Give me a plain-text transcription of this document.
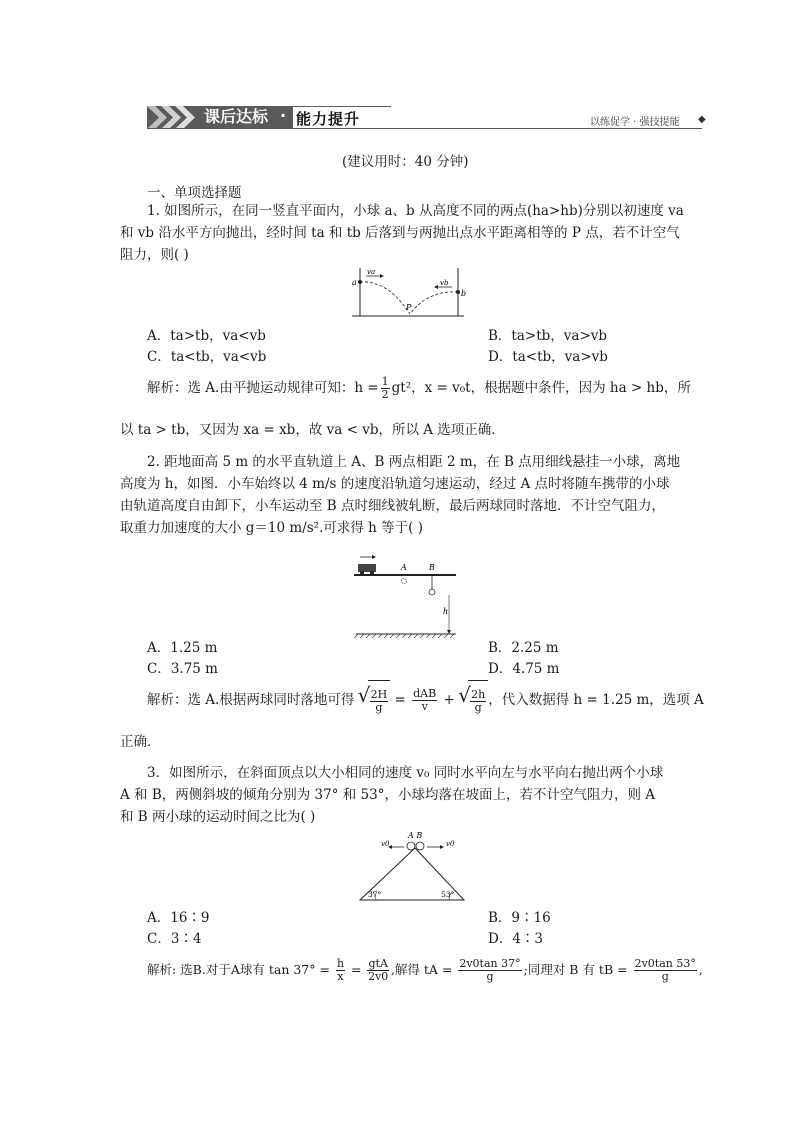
课后达标 · 能力提升	以练促学 · 强技提能 ◆
(建议用时：40 分钟)
一、单项选择题
1. 如图所示，在同一竖直平面内，小球 a、b 从高度不同的两点(ha>hb)分别以初速度 va
和 vb 沿水平方向抛出，经时间 ta 和 tb 后落到与两抛出点水平距离相等的 P 点，若不计空气
阻力，则( )
a
b
va
vb
P
A．ta>tb，va<vb	B．ta>tb，va>vb
C．ta<tb，va<vb	D．ta<tb，va>vb
解析：选 A.由平抛运动规律可知：$h = \frac{1}{2} gt^2$，x = v₀t，根据题中条件，因为 ha > hb，所
以 ta > tb，又因为 xa = xb，故 va < vb，所以 A 选项正确．
2. 距地面高 5 m 的水平直轨道上 A、B 两点相距 2 m，在 B 点用细线悬挂一小球，离地
高度为 h，如图．小车始终以 4 m/s 的速度沿轨道匀速运动，经过 A 点时将随车携带的小球
由轨道高度自由卸下，小车运动至 B 点时细线被轧断，最后两球同时落地．不计空气阻力，
取重力加速度的大小 g＝10 m/s².可求得 h 等于( )
A	B
h
A．1.25 m	B．2.25 m
C．3.75 m	D．4.75 m
解析：选 A.根据两球同时落地可得 √ $\frac{2H}{g} = \frac{\text{dAB}}{v}$ + √ $\frac{2h}{g}$ ，代入数据得 h = 1.25 m，选项 A
正确．
3．如图所示，在斜面顶点以大小相同的速度 v₀ 同时水平向左与水平向右抛出两个小球
A 和 B，两侧斜坡的倾角分别为 37° 和 53°，小球均落在坡面上，若不计空气阻力，则 A
和 B 两小球的运动时间之比为( )
A B
v0	v0
37°	53°
A．16∶9	B．9∶16
C．3∶4	D．4∶3
解析: 选B.对于A球有 $\tan 37^\circ = \frac{h}{x} = \frac{\text{gtA}}{2v0}$ ,解得 tA = $\frac{2v0\tan 37^\circ}{g}$ ;同理对 B 有 tB = $\frac{2v0\tan 53^\circ}{g}$ ,
